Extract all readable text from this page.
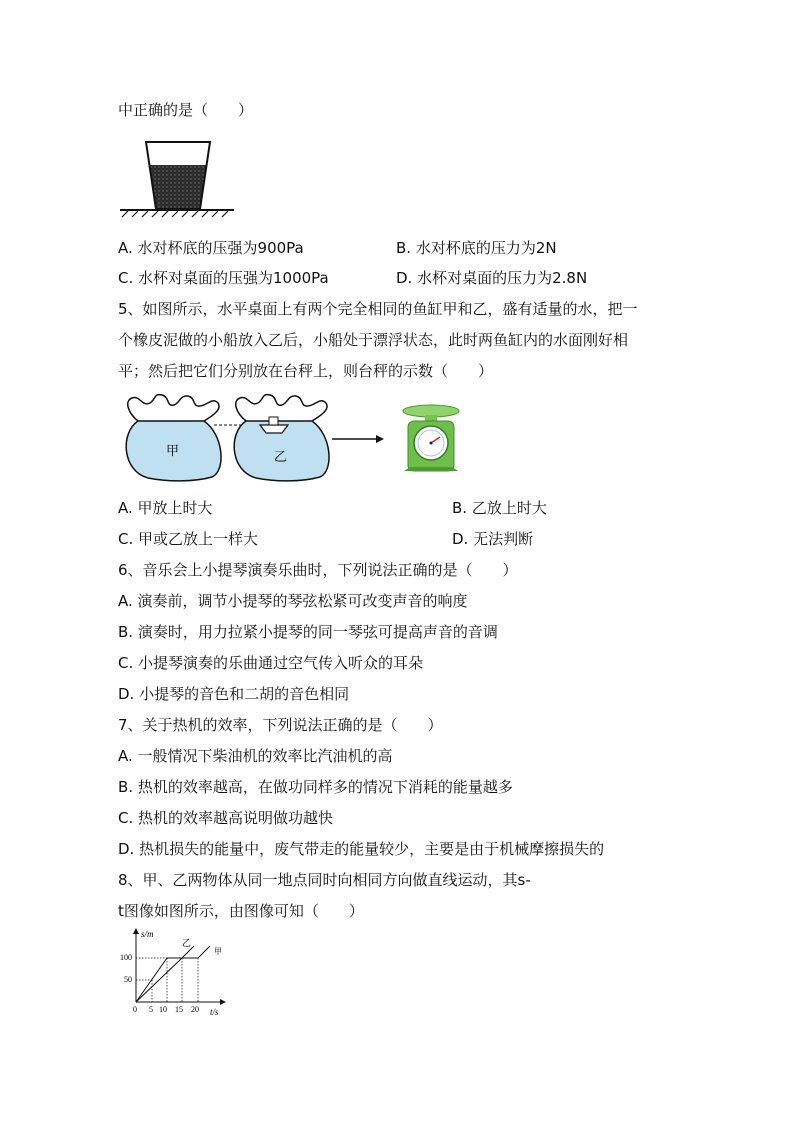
中正确的是（　　）
A. 水对杯底的压强为900Pa	B. 水对杯底的压力为2N
C. 水杯对桌面的压强为1000Pa	D. 水杯对桌面的压力为2.8N
5、如图所示，水平桌面上有两个完全相同的鱼缸甲和乙，盛有适量的水，把一
个橡皮泥做的小船放入乙后，小船处于漂浮状态，此时两鱼缸内的水面刚好相
平；然后把它们分别放在台秤上，则台秤的示数（　　）
甲	乙
A. 甲放上时大	B. 乙放上时大
C. 甲或乙放上一样大	D. 无法判断
6、音乐会上小提琴演奏乐曲时，下列说法正确的是（　　）
A. 演奏前，调节小提琴的琴弦松紧可改变声音的响度
B. 演奏时，用力拉紧小提琴的同一琴弦可提高声音的音调
C. 小提琴演奏的乐曲通过空气传入听众的耳朵
D. 小提琴的音色和二胡的音色相同
7、关于热机的效率，下列说法正确的是（　　）
A. 一般情况下柴油机的效率比汽油机的高
B. 热机的效率越高，在做功同样多的情况下消耗的能量越多
C. 热机的效率越高说明做功越快
D. 热机损失的能量中，废气带走的能量较少，主要是由于机械摩擦损失的
8、甲、乙两物体从同一地点同时向相同方向做直线运动，其s-
t图像如图所示，由图像可知（　　）
s/m
t/s
100
50
0 5 10 15 20
乙
甲
